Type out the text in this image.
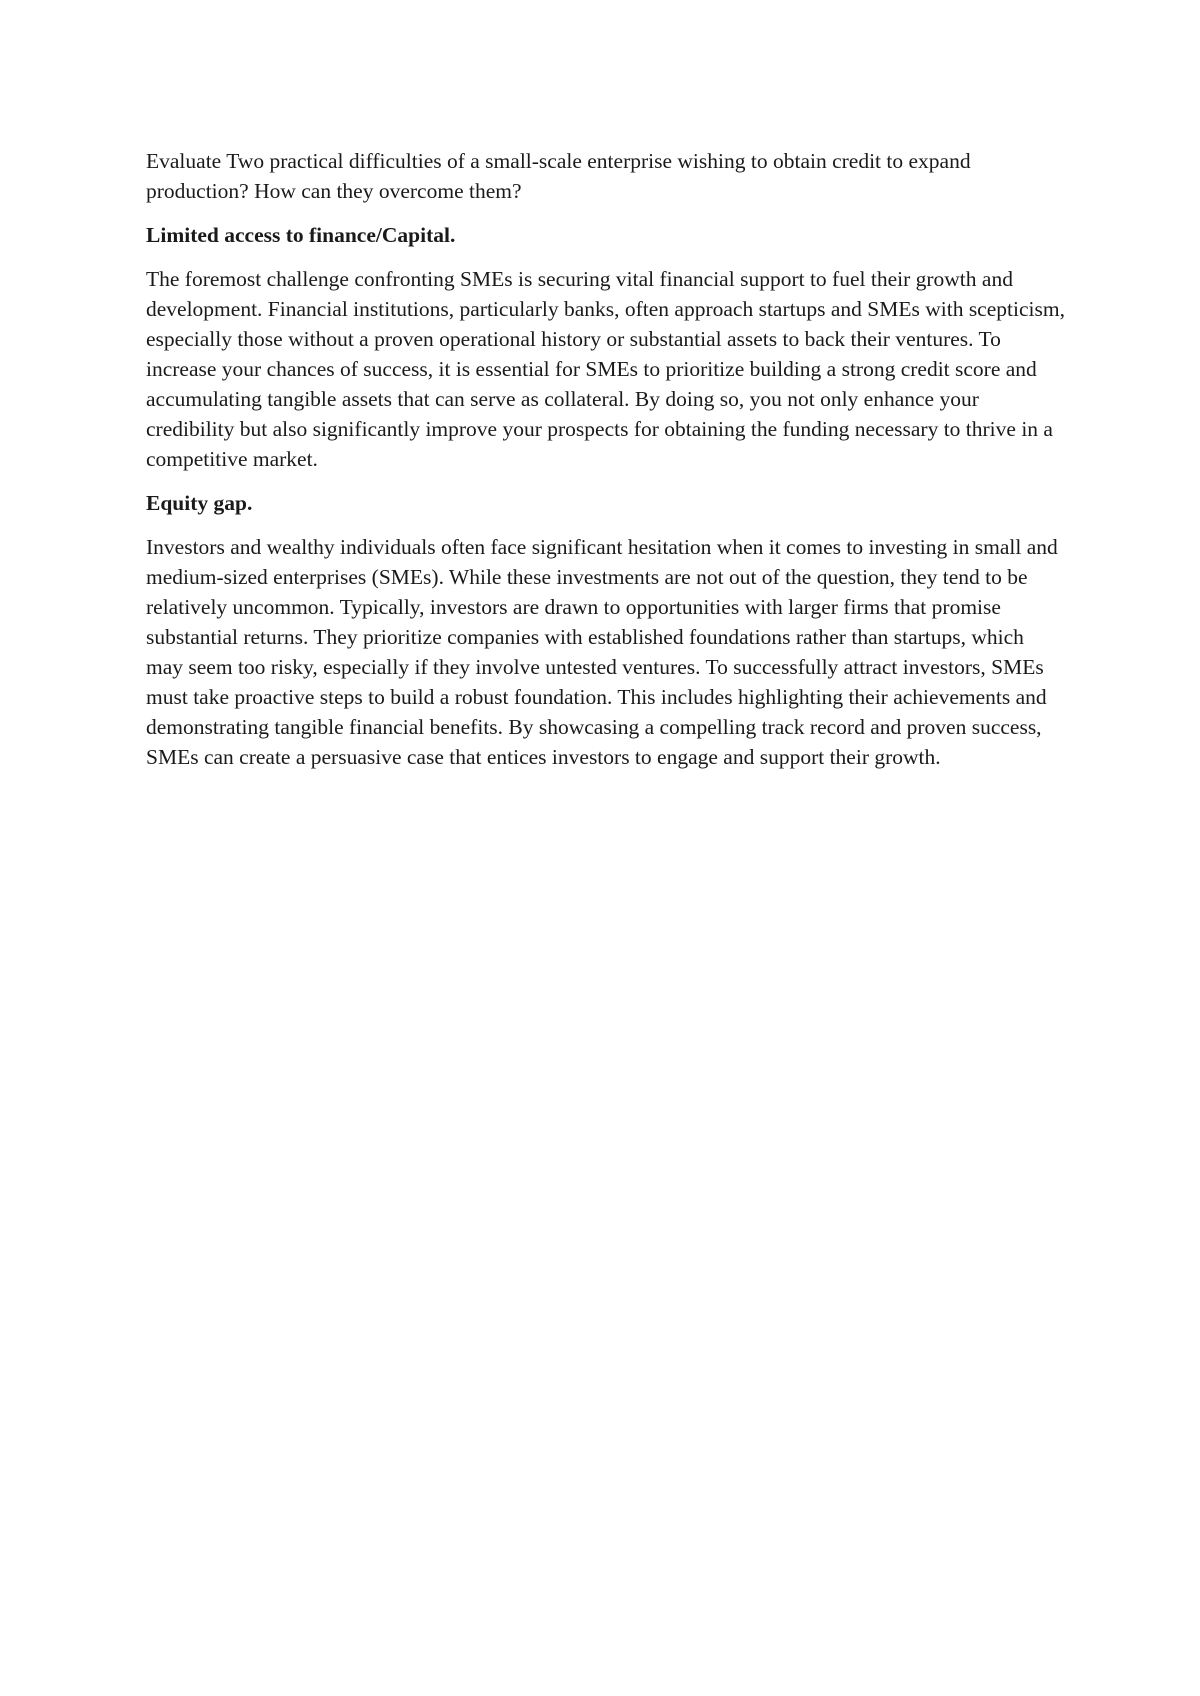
Evaluate Two practical difficulties of a small-scale enterprise wishing to obtain credit to expand production? How can they overcome them?

Limited access to finance/Capital.

The foremost challenge confronting SMEs is securing vital financial support to fuel their growth and development. Financial institutions, particularly banks, often approach startups and SMEs with scepticism, especially those without a proven operational history or substantial assets to back their ventures. To increase your chances of success, it is essential for SMEs to prioritize building a strong credit score and accumulating tangible assets that can serve as collateral. By doing so, you not only enhance your credibility but also significantly improve your prospects for obtaining the funding necessary to thrive in a competitive market.

Equity gap.

Investors and wealthy individuals often face significant hesitation when it comes to investing in small and medium-sized enterprises (SMEs). While these investments are not out of the question, they tend to be relatively uncommon. Typically, investors are drawn to opportunities with larger firms that promise substantial returns. They prioritize companies with established foundations rather than startups, which may seem too risky, especially if they involve untested ventures. To successfully attract investors, SMEs must take proactive steps to build a robust foundation. This includes highlighting their achievements and demonstrating tangible financial benefits. By showcasing a compelling track record and proven success, SMEs can create a persuasive case that entices investors to engage and support their growth.
